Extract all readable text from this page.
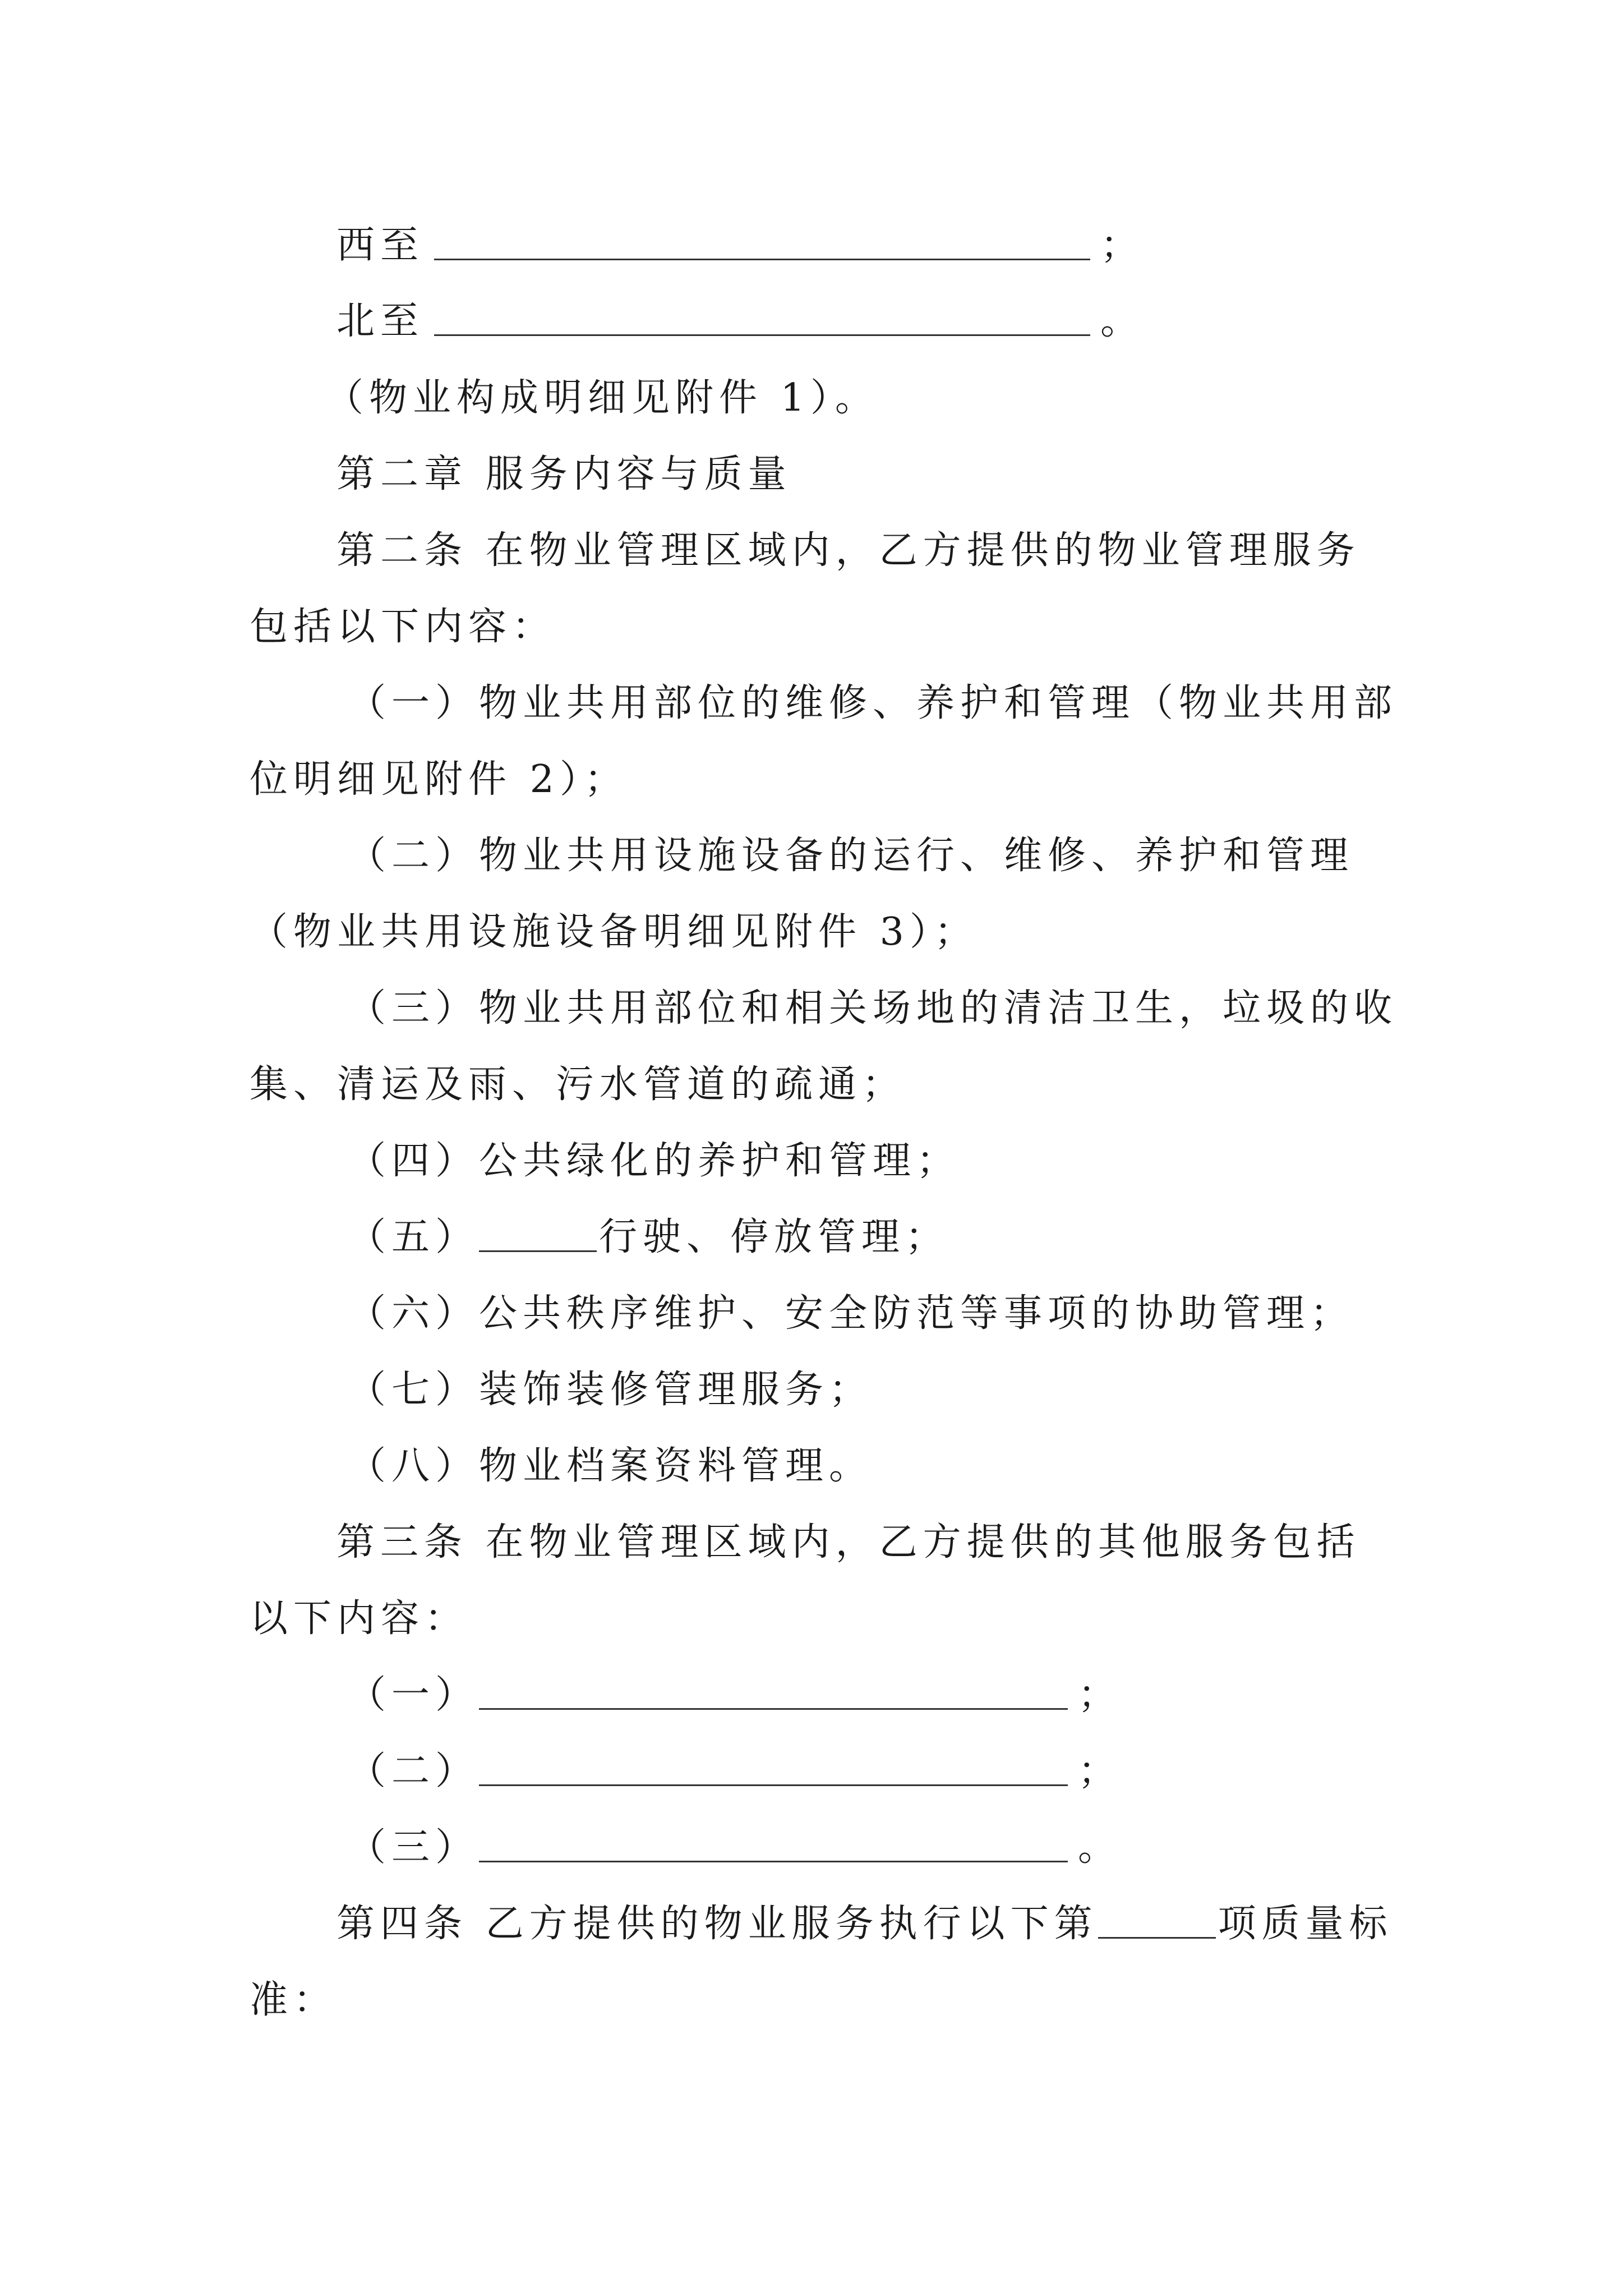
西至	；
北至	。
（物业构成明细见附件 1）。
第二章 服务内容与质量
第二条 在物业管理区域内，乙方提供的物业管理服务
包括以下内容：
（一）物业共用部位的维修、养护和管理（物业共用部
位明细见附件 2）；
（二）物业共用设施设备的运行、维修、养护和管理
（物业共用设施设备明细见附件 3）；
（三）物业共用部位和相关场地的清洁卫生，垃圾的收
集、清运及雨、污水管道的疏通；
（四）公共绿化的养护和管理；
（五）	行驶、停放管理；
（六）公共秩序维护、安全防范等事项的协助管理；
（七）装饰装修管理服务；
（八）物业档案资料管理。
第三条 在物业管理区域内，乙方提供的其他服务包括
以下内容：
（一）	；
（二）	；
（三）	。
第四条 乙方提供的物业服务执行以下第	项质量标
准：
